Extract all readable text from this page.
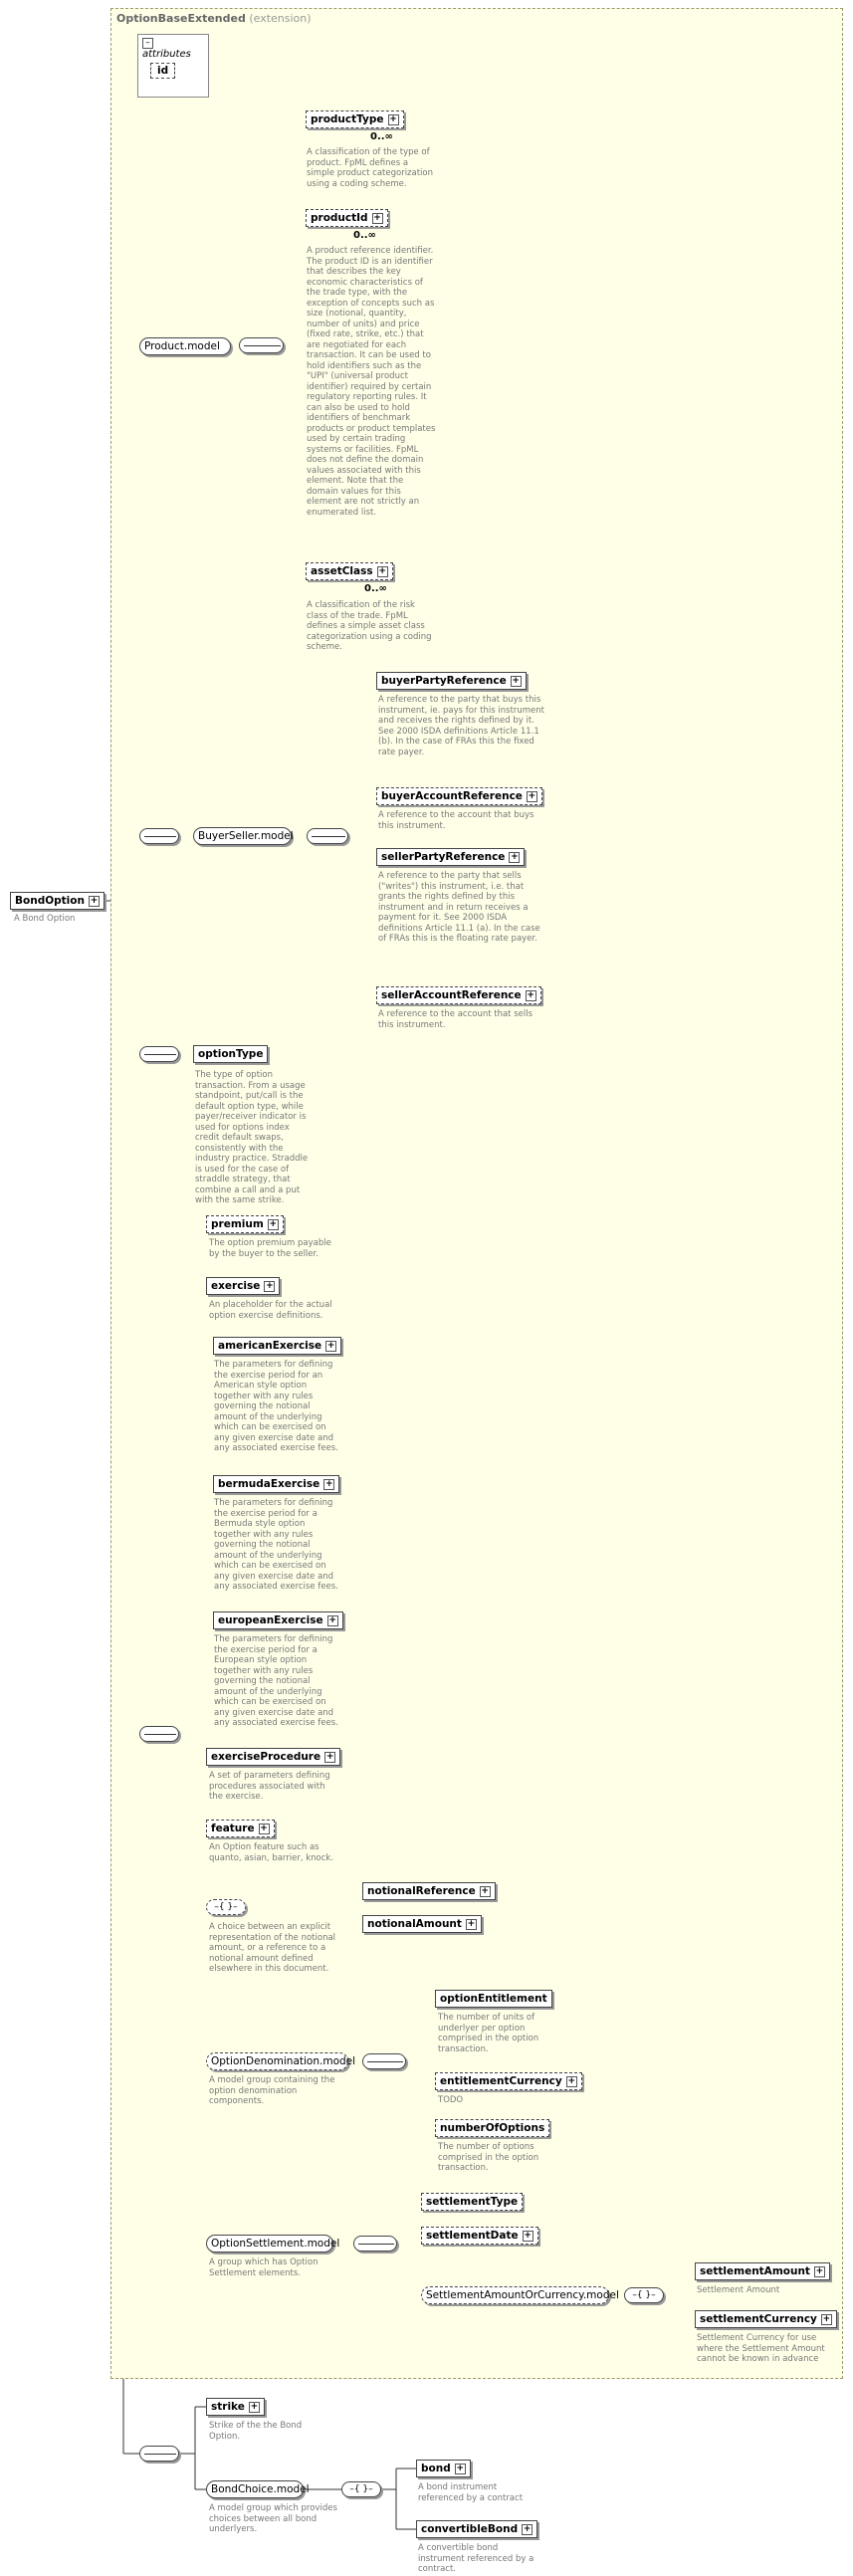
OptionBaseExtended (extension)
– attributes
id
BondOption +
A Bond Option
Product.model
productType +
0..∞
A classification of the type of product. FpML defines a simple product categorization using a coding scheme.
productId +
0..∞
A product reference identifier. The product ID is an identifier that describes the key economic characteristics of the trade type, with the exception of concepts such as size (notional, quantity, number of units) and price (fixed rate, strike, etc.) that are negotiated for each transaction. It can be used to hold identifiers such as the "UPI" (universal product identifier) required by certain regulatory reporting rules. It can also be used to hold identifiers of benchmark products or product templates used by certain trading systems or facilities. FpML does not define the domain values associated with this element. Note that the domain values for this element are not strictly an enumerated list.
assetClass +
0..∞
A classification of the risk class of the trade. FpML defines a simple asset class categorization using a coding scheme.
BuyerSeller.model
buyerPartyReference +
A reference to the party that buys this instrument, ie. pays for this instrument and receives the rights defined by it. See 2000 ISDA definitions Article 11.1 (b). In the case of FRAs this the fixed rate payer.
buyerAccountReference +
A reference to the account that buys this instrument.
sellerPartyReference +
A reference to the party that sells ("writes") this instrument, i.e. that grants the rights defined by this instrument and in return receives a payment for it. See 2000 ISDA definitions Article 11.1 (a). In the case of FRAs this is the floating rate payer.
sellerAccountReference +
A reference to the account that sells this instrument.
optionType
The type of option transaction. From a usage standpoint, put/call is the default option type, while payer/receiver indicator is used for options index credit default swaps, consistently with the industry practice. Straddle is used for the case of straddle strategy, that combine a call and a put with the same strike.
premium +
The option premium payable by the buyer to the seller.
exercise +
An placeholder for the actual option exercise definitions.
americanExercise +
The parameters for defining the exercise period for an American style option together with any rules governing the notional amount of the underlying which can be exercised on any given exercise date and any associated exercise fees.
bermudaExercise +
The parameters for defining the exercise period for a Bermuda style option together with any rules governing the notional amount of the underlying which can be exercised on any given exercise date and any associated exercise fees.
europeanExercise +
The parameters for defining the exercise period for a European style option together with any rules governing the notional amount of the underlying which can be exercised on any given exercise date and any associated exercise fees.
exerciseProcedure +
A set of parameters defining procedures associated with the exercise.
feature +
An Option feature such as quanto, asian, barrier, knock.
–{ }–
A choice between an explicit representation of the notional amount, or a reference to a notional amount defined elsewhere in this document.
notionalReference +
notionalAmount +
OptionDenomination.model
A model group containing the option denomination components.
optionEntitlement
The number of units of underlyer per option comprised in the option transaction.
entitlementCurrency +
TODO
numberOfOptions
The number of options comprised in the option transaction.
OptionSettlement.model
A group which has Option Settlement elements.
settlementType
settlementDate +
SettlementAmountOrCurrency.model	–{ }–
settlementAmount +
Settlement Amount
settlementCurrency +
Settlement Currency for use where the Settlement Amount cannot be known in advance
strike +
Strike of the the Bond Option.
BondChoice.model
A model group which provides choices between all bond underlyers.
–{ }–
bond +
A bond instrument referenced by a contract
convertibleBond +
A convertible bond instrument referenced by a contract.
